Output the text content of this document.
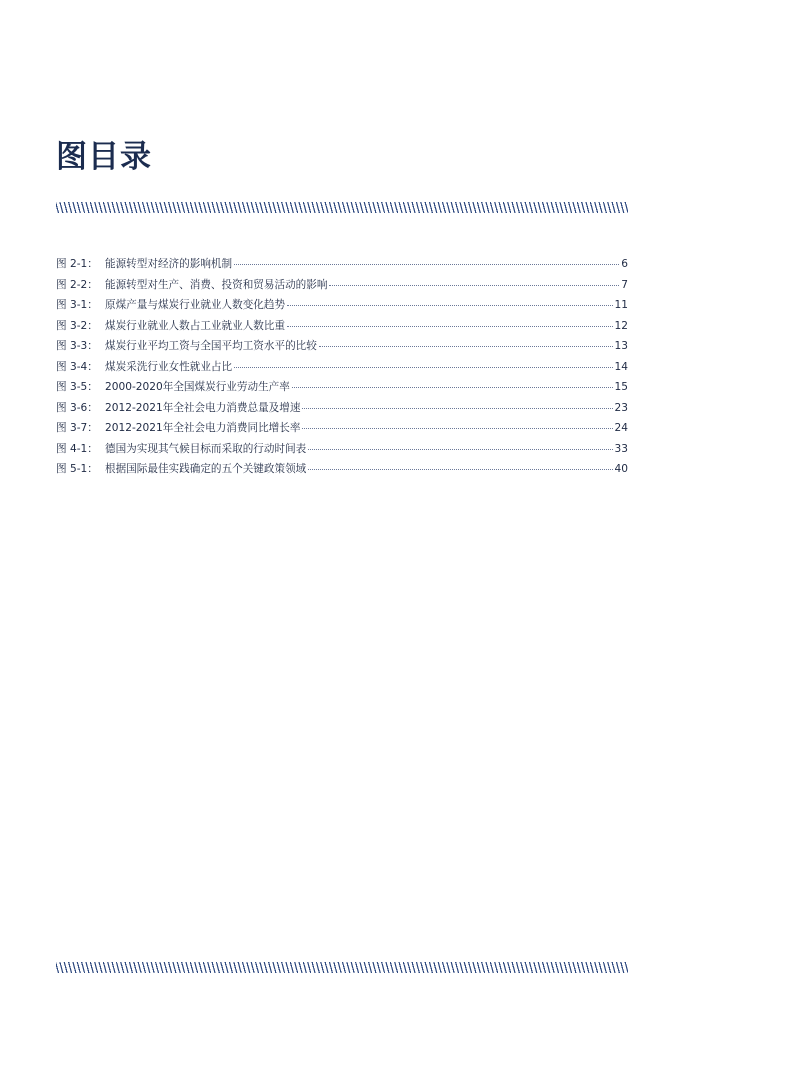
图目录
图 2-1： 能源转型对经济的影响机制	6
图 2-2： 能源转型对生产、消费、投资和贸易活动的影响	7
图 3-1： 原煤产量与煤炭行业就业人数变化趋势	11
图 3-2： 煤炭行业就业人数占工业就业人数比重	12
图 3-3： 煤炭行业平均工资与全国平均工资水平的比较	13
图 3-4： 煤炭采洗行业女性就业占比	14
图 3-5： 2000-2020年全国煤炭行业劳动生产率	15
图 3-6： 2012-2021年全社会电力消费总量及增速	23
图 3-7： 2012-2021年全社会电力消费同比增长率	24
图 4-1： 德国为实现其气候目标而采取的行动时间表	33
图 5-1： 根据国际最佳实践确定的五个关键政策领域	40
